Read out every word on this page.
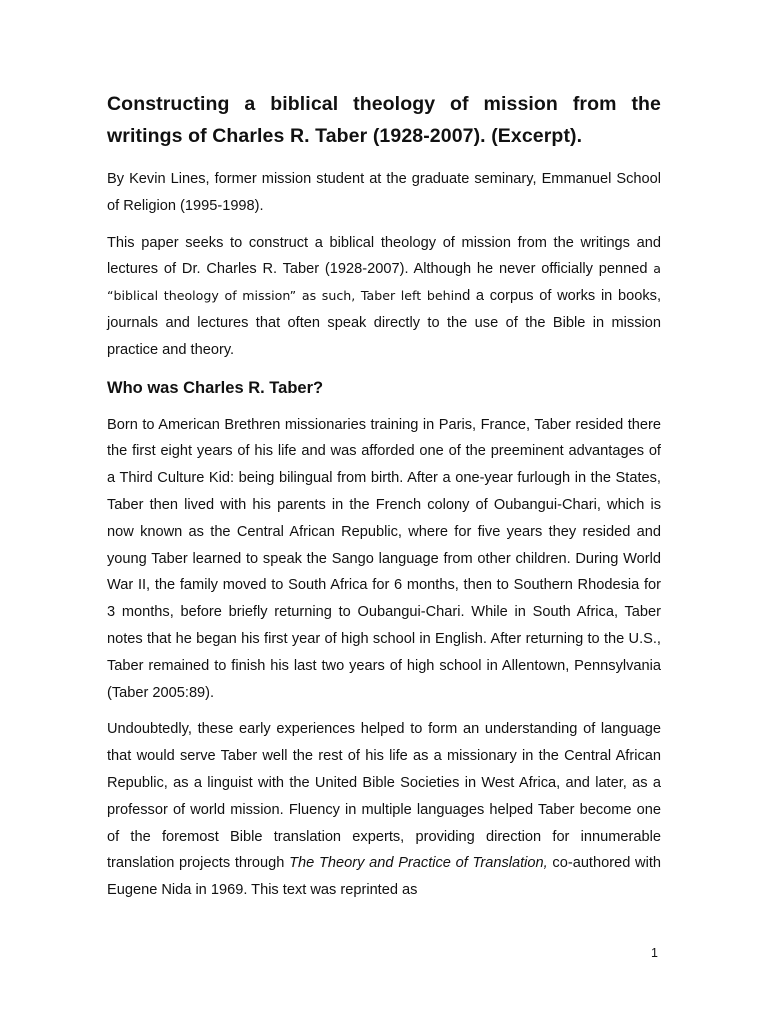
Constructing a biblical theology of mission from the writings of Charles R. Taber (1928-2007). (Excerpt).

By Kevin Lines, former mission student at the graduate seminary, Emmanuel School of Religion (1995-1998).

This paper seeks to construct a biblical theology of mission from the writings and lectures of Dr. Charles R. Taber (1928-2007). Although he never officially penned a “biblical theology of mission” as such, Taber left behind a corpus of works in books, journals and lectures that often speak directly to the use of the Bible in mission practice and theory.

Who was Charles R. Taber?

Born to American Brethren missionaries training in Paris, France, Taber resided there the first eight years of his life and was afforded one of the preeminent advantages of a Third Culture Kid: being bilingual from birth. After a one-year furlough in the States, Taber then lived with his parents in the French colony of Oubangui-Chari, which is now known as the Central African Republic, where for five years they resided and young Taber learned to speak the Sango language from other children. During World War II, the family moved to South Africa for 6 months, then to Southern Rhodesia for 3 months, before briefly returning to Oubangui-Chari. While in South Africa, Taber notes that he began his first year of high school in English. After returning to the U.S., Taber remained to finish his last two years of high school in Allentown, Pennsylvania (Taber 2005:89).

Undoubtedly, these early experiences helped to form an understanding of language that would serve Taber well the rest of his life as a missionary in the Central African Republic, as a linguist with the United Bible Societies in West Africa, and later, as a professor of world mission. Fluency in multiple languages helped Taber become one of the foremost Bible translation experts, providing direction for innumerable translation projects through The Theory and Practice of Translation, co-authored with Eugene Nida in 1969. This text was reprinted as

1
